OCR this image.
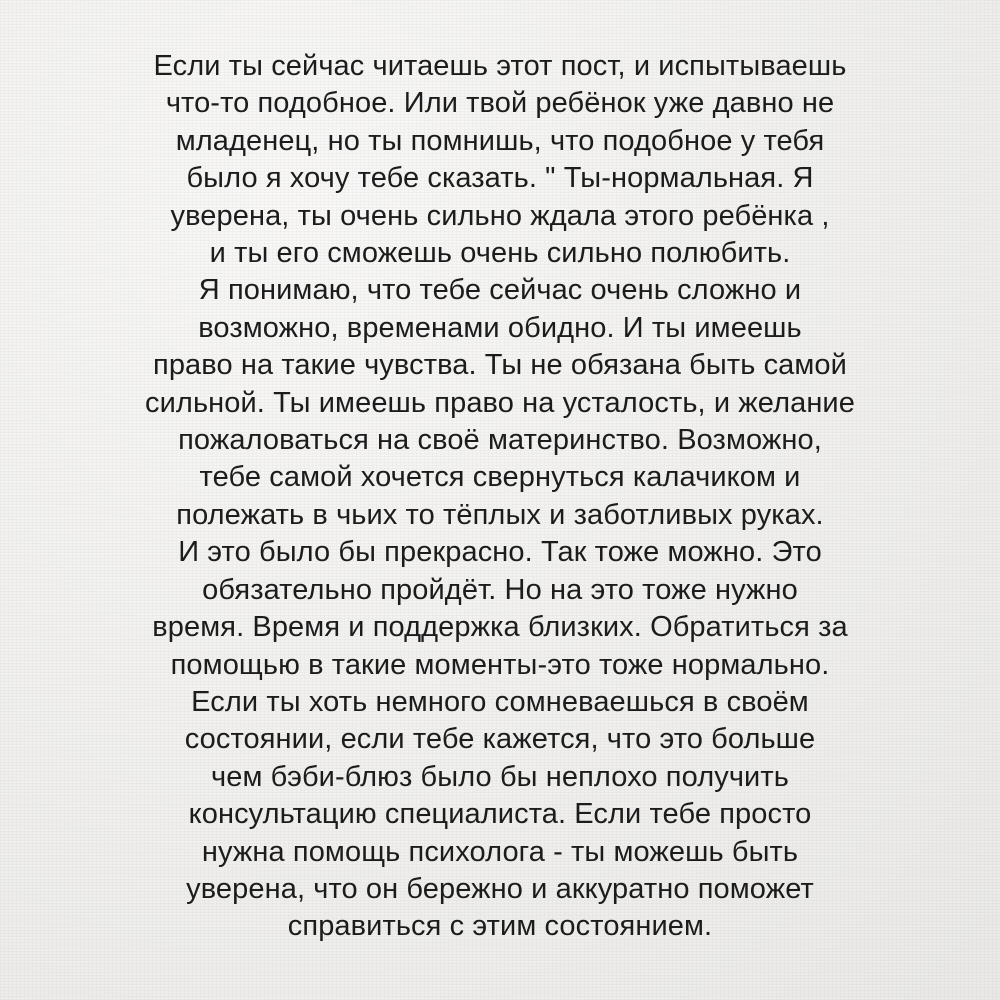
Если ты сейчас читаешь этот пост, и испытываешь
что-то подобное. Или твой ребёнок уже давно не
младенец, но ты помнишь, что подобное у тебя
было я хочу тебе сказать. " Ты-нормальная. Я
уверена, ты очень сильно ждала этого ребёнка ,
и ты его сможешь очень сильно полюбить.
Я понимаю, что тебе сейчас очень сложно и
возможно, временами обидно. И ты имеешь
право на такие чувства. Ты не обязана быть самой
сильной. Ты имеешь право на усталость, и желание
пожаловаться на своё материнство. Возможно,
тебе самой хочется свернуться калачиком и
полежать в чьих то тёплых и заботливых руках.
И это было бы прекрасно. Так тоже можно. Это
обязательно пройдёт. Но на это тоже нужно
время. Время и поддержка близких. Обратиться за
помощью в такие моменты-это тоже нормально.
Если ты хоть немного сомневаешься в своём
состоянии, если тебе кажется, что это больше
чем бэби-блюз было бы неплохо получить
консультацию специалиста. Если тебе просто
нужна помощь психолога - ты можешь быть
уверена, что он бережно и аккуратно поможет
справиться с этим состоянием.
